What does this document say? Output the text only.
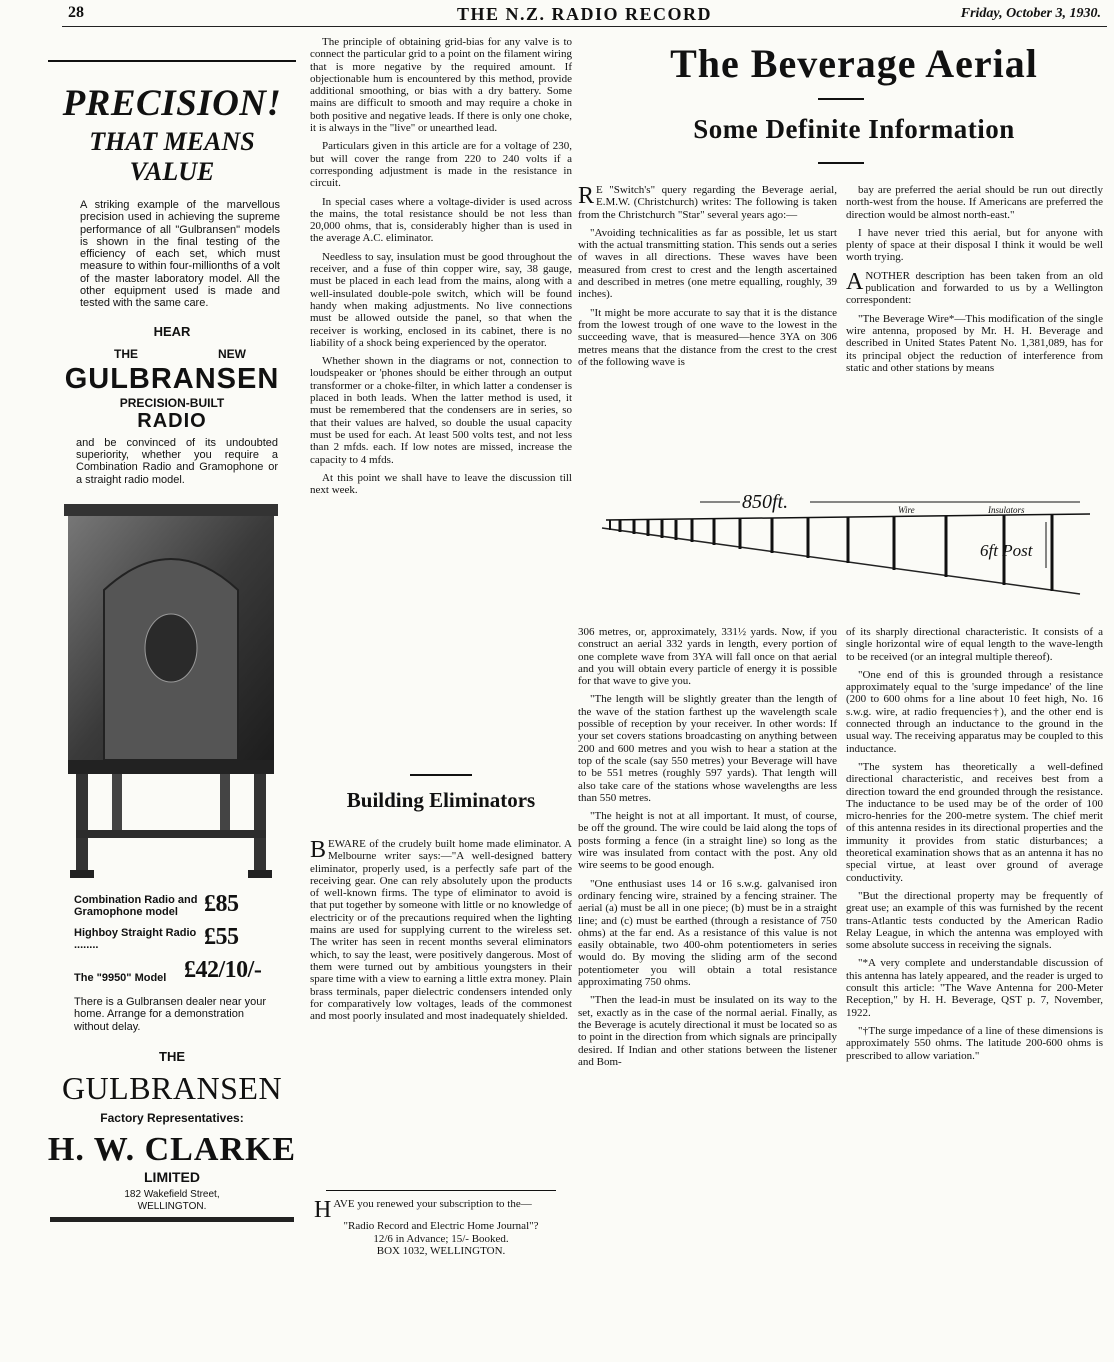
28	THE N.Z. RADIO RECORD	Friday, October 3, 1930.
PRECISION!
THAT MEANS VALUE
A striking example of the marvellous precision used in achieving the supreme performance of all "Gulbransen" models is shown in the final testing of the efficiency of each set, which must measure to within four-millionths of a volt of the master laboratory model. All the other equipment used is made and tested with the same care.
HEAR
THE	NEW
GULBRANSEN
PRECISION-BUILT
RADIO
and be convinced of its undoubted superiority, whether you require a Combination Radio and Gramophone or a straight radio model.
Combination Radio and Gramophone model	£85
Highboy Straight Radio ........	£55
The "9950" Model £42/10/-
There is a Gulbransen dealer near your home. Arrange for a demonstration without delay.
THE
GULBRANSEN
Factory Representatives:
H. W. CLARKE
LIMITED
182 Wakefield Street,
WELLINGTON.

The principle of obtaining grid-bias for any valve is to connect the particular grid to a point on the filament wiring that is more negative by the required amount. If objectionable hum is encountered by this method, provide additional smoothing, or bias with a dry battery. Some mains are difficult to smooth and may require a choke in both positive and negative leads. If there is only one choke, it is always in the "live" or unearthed lead.

Particulars given in this article are for a voltage of 230, but will cover the range from 220 to 240 volts if a corresponding adjustment is made in the resistance in circuit.

In special cases where a voltage-divider is used across the mains, the total resistance should be not less than 20,000 ohms, that is, considerably higher than is used in the average A.C. eliminator.

Needless to say, insulation must be good throughout the receiver, and a fuse of thin copper wire, say, 38 gauge, must be placed in each lead from the mains, along with a well-insulated double-pole switch, which will be found handy when making adjustments. No live connections must be allowed outside the panel, so that when the receiver is working, enclosed in its cabinet, there is no liability of a shock being experienced by the operator.

Whether shown in the diagrams or not, connection to loudspeaker or 'phones should be either through an output transformer or a choke-filter, in which latter a condenser is placed in both leads. When the latter method is used, it must be remembered that the condensers are in series, so that their values are halved, so double the usual capacity must be used for each. At least 500 volts test, and not less than 2 mfds. each. If low notes are missed, increase the capacity to 4 mfds.

At this point we shall have to leave the discussion till next week.

Building Eliminators

BEWARE of the crudely built home made eliminator. A Melbourne writer says:—"A well-designed battery eliminator, properly used, is a perfectly safe part of the receiving gear. One can rely absolutely upon the products of well-known firms. The type of eliminator to avoid is that put together by someone with little or no knowledge of electricity or of the precautions required when the lighting mains are used for supplying current to the wireless set. The writer has seen in recent months several eliminators which, to say the least, were positively dangerous. Most of them were turned out by ambitious youngsters in their spare time with a view to earning a little extra money. Plain brass terminals, paper dielectric condensers intended only for comparatively low voltages, leads of the commonest and most poorly insulated and most inadequately shielded.

HAVE you renewed your subscription to the—
"Radio Record and Electric Home Journal"?
12/6 in Advance; 15/- Booked.
BOX 1032, WELLINGTON.
The Beverage Aerial
Some Definite Information

R E "Switch's" query regarding the Beverage aerial, E.M.W. (Christchurch) writes: The following is taken from the Christchurch "Star" several years ago:—

"Avoiding technicalities as far as possible, let us start with the actual transmitting station. This sends out a series of waves in all directions. These waves have been measured from crest to crest and the length ascertained and described in metres (one metre equalling, roughly, 39 inches).

"It might be more accurate to say that it is the distance from the lowest trough of one wave to the lowest in the succeeding wave, that is measured—hence 3YA on 306 metres means that the distance from the crest to the crest of the following wave is

bay are preferred the aerial should be run out directly north-west from the house. If Americans are preferred the direction would be almost north-east."

I have never tried this aerial, but for anyone with plenty of space at their disposal I think it would be well worth trying.

ANOTHER description has been taken from an old publication and forwarded to us by a Wellington correspondent:

"The Beverage Wire*—This modification of the single wire antenna, proposed by Mr. H. H. Beverage and described in United States Patent No. 1,381,089, has for its principal object the reduction of interference from static and other stations by means

850ft.	Wire	Insulators
6ft Post

306 metres, or, approximately, 331½ yards. Now, if you construct an aerial 332 yards in length, every portion of one complete wave from 3YA will fall once on that aerial and you will obtain every particle of energy it is possible for that wave to give you.

"The length will be slightly greater than the length of the wave of the station farthest up the wavelength scale possible of reception by your receiver. In other words: If your set covers stations broadcasting on anything between 200 and 600 metres and you wish to hear a station at the top of the scale (say 550 metres) your Beverage will have to be 551 metres (roughly 597 yards). That length will also take care of the stations whose wavelengths are less than 550 metres.

"The height is not at all important. It must, of course, be off the ground. The wire could be laid along the tops of posts forming a fence (in a straight line) so long as the wire was insulated from contact with the post. Any old wire seems to be good enough.

"One enthusiast uses 14 or 16 s.w.g. galvanised iron ordinary fencing wire, strained by a fencing strainer. The aerial (a) must be all in one piece; (b) must be in a straight line; and (c) must be earthed (through a resistance of 750 ohms) at the far end. As a resistance of this value is not easily obtainable, two 400-ohm potentiometers in series would do. By moving the sliding arm of the second potentiometer you will obtain a total resistance approximating 750 ohms.

"Then the lead-in must be insulated on its way to the set, exactly as in the case of the normal aerial. Finally, as the Beverage is acutely directional it must be located so as to point in the direction from which signals are principally desired. If Indian and other stations between the listener and Bom-

of its sharply directional characteristic. It consists of a single horizontal wire of equal length to the wave-length to be received (or an integral multiple thereof).

"One end of this is grounded through a resistance approximately equal to the 'surge impedance' of the line (200 to 600 ohms for a line about 10 feet high, No. 16 s.w.g. wire, at radio frequencies†), and the other end is connected through an inductance to the ground in the usual way. The receiving apparatus may be coupled to this inductance.

"The system has theoretically a well-defined directional characteristic, and receives best from a direction toward the end grounded through the resistance. The inductance to be used may be of the order of 100 micro-henries for the 200-metre system. The chief merit of this antenna resides in its directional properties and the immunity it provides from static disturbances; a theoretical examination shows that as an antenna it has no special virtue, at least over ground of average conductivity.

"But the directional property may be frequently of great use; an example of this was furnished by the recent trans-Atlantic tests conducted by the American Radio Relay League, in which the antenna was employed with some absolute success in receiving the signals.

"*A very complete and understandable discussion of this antenna has lately appeared, and the reader is urged to consult this article: "The Wave Antenna for 200-Meter Reception," by H. H. Beverage, QST p. 7, November, 1922.

"†The surge impedance of a line of these dimensions is approximately 550 ohms. The latitude 200-600 ohms is prescribed to allow variation."
